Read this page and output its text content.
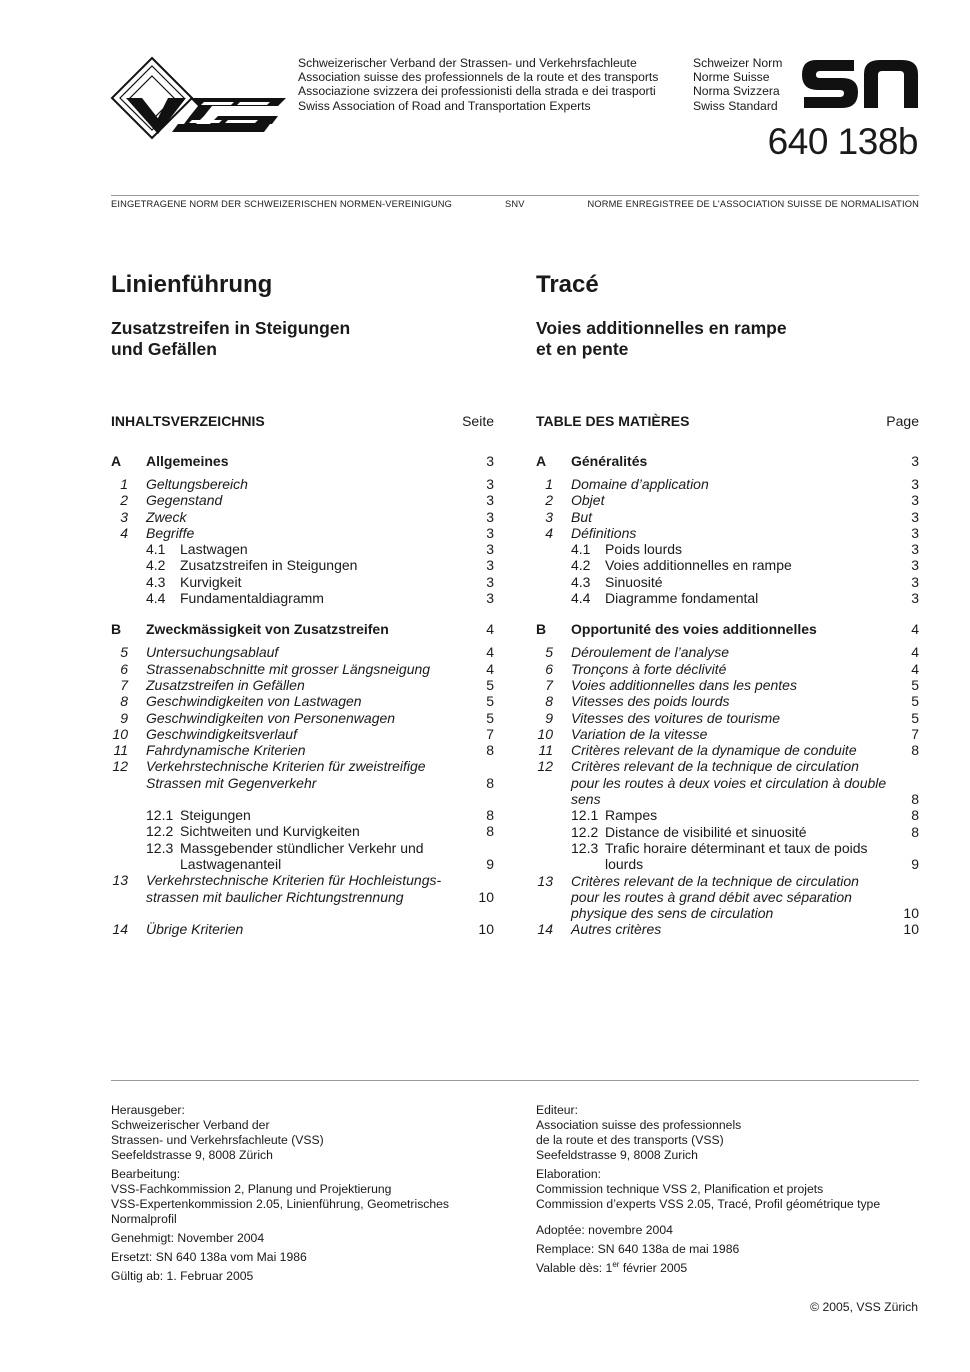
Schweizerischer Verband der Strassen- und Verkehrsfachleute
Association suisse des professionnels de la route et des transports
Associazione svizzera dei professionisti della strada e dei trasporti
Swiss Association of Road and Transportation Experts
Schweizer Norm
Norme Suisse
Norma Svizzera
Swiss Standard
640 138b
EINGETRAGENE NORM DER SCHWEIZERISCHEN NORMEN-VEREINIGUNG	SNV	NORME ENREGISTREE DE L'ASSOCIATION SUISSE DE NORMALISATION
Linienführung
Zusatzstreifen in Steigungen
und Gefällen
INHALTSVERZEICHNIS	Seite
A Allgemeines	3
1	Geltungsbereich	3
2	Gegenstand	3
3	Zweck	3
4	Begriffe	3
4.1	Lastwagen	3
4.2	Zusatzstreifen in Steigungen	3
4.3	Kurvigkeit	3
4.4	Fundamentaldiagramm	3
B Zweckmässigkeit von Zusatzstreifen	4
5	Untersuchungsablauf	4
6	Strassenabschnitte mit grosser Längsneigung	4
7	Zusatzstreifen in Gefällen	5
8	Geschwindigkeiten von Lastwagen	5
9	Geschwindigkeiten von Personenwagen	5
10	Geschwindigkeitsverlauf	7
11	Fahrdynamische Kriterien	8
12	Verkehrstechnische Kriterien für zweistreifige Strassen mit Gegenverkehr	8
12.1 Steigungen	8
12.2 Sichtweiten und Kurvigkeiten	8
12.3 Massgebender stündlicher Verkehr und Lastwagenanteil	9
13	Verkehrstechnische Kriterien für Hochleistungs-strassen mit baulicher Richtungstrennung	10
14	Übrige Kriterien	10
Tracé
Voies additionnelles en rampe
et en pente
TABLE DES MATIÈRES	Page
A Généralités	3
1	Domaine d’application	3
2	Objet	3
3	But	3
4	Définitions	3
4.1	Poids lourds	3
4.2	Voies additionnelles en rampe	3
4.3	Sinuosité	3
4.4	Diagramme fondamental	3
B Opportunité des voies additionnelles	4
5	Déroulement de l’analyse	4
6	Tronçons à forte déclivité	4
7	Voies additionnelles dans les pentes	5
8	Vitesses des poids lourds	5
9	Vitesses des voitures de tourisme	5
10	Variation de la vitesse	7
11	Critères relevant de la dynamique de conduite	8
12	Critères relevant de la technique de circulation pour les routes à deux voies et circulation à double sens	8
12.1 Rampes	8
12.2 Distance de visibilité et sinuosité	8
12.3 Trafic horaire déterminant et taux de poids lourds	9
13	Critères relevant de la technique de circulation pour les routes à grand débit avec séparation physique des sens de circulation	10
14	Autres critères	10

Herausgeber:
Schweizerischer Verband der
Strassen- und Verkehrsfachleute (VSS)
Seefeldstrasse 9, 8008 Zürich

Bearbeitung:
VSS-Fachkommission 2, Planung und Projektierung
VSS-Expertenkommission 2.05, Linienführung, Geometrisches Normalprofil

Genehmigt: November 2004

Ersetzt: SN 640 138a vom Mai 1986

Gültig ab: 1. Februar 2005

Editeur:
Association suisse des professionnels
de la route et des transports (VSS)
Seefeldstrasse 9, 8008 Zurich

Elaboration:
Commission technique VSS 2, Planification et projets
Commission d’experts VSS 2.05, Tracé, Profil géométrique type

Adoptée: novembre 2004

Remplace: SN 640 138a de mai 1986

Valable dès: 1er février 2005

© 2005, VSS Zürich
